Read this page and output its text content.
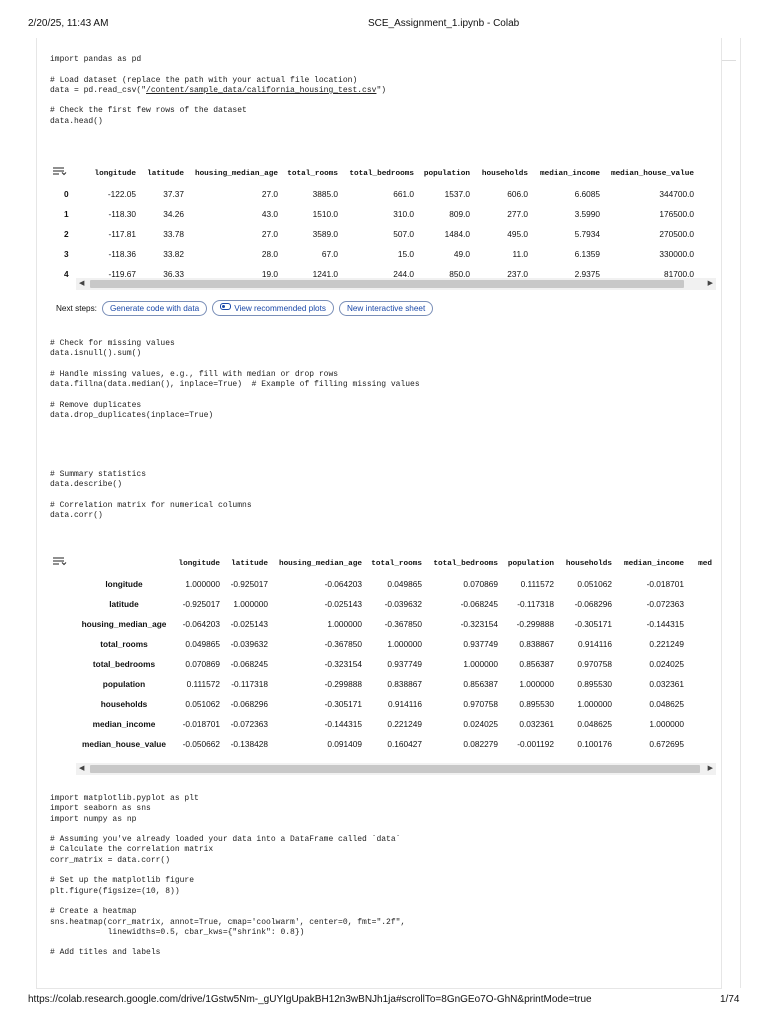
2/20/25, 11:43 AM	SCE_Assignment_1.ipynb - Colab
import pandas as pd

# Load dataset (replace the path with your actual file location)
data = pd.read_csv("/content/sample_data/california_housing_test.csv")

# Check the first few rows of the dataset
data.head()
	longitude	latitude	housing_median_age	total_rooms	total_bedrooms	population	households	median_income	median_house_value
0	-122.05	37.37	27.0	3885.0	661.0	1537.0	606.0	6.6085	344700.0
1	-118.30	34.26	43.0	1510.0	310.0	809.0	277.0	3.5990	176500.0
2	-117.81	33.78	27.0	3589.0	507.0	1484.0	495.0	5.7934	270500.0
3	-118.36	33.82	28.0	67.0	15.0	49.0	11.0	6.1359	330000.0
4	-119.67	36.33	19.0	1241.0	244.0	850.0	237.0	2.9375	81700.0
◀	▶
Next steps:	Generate code with data	View recommended plots	New interactive sheet
# Check for missing values
data.isnull().sum()

# Handle missing values, e.g., fill with median or drop rows
data.fillna(data.median(), inplace=True)  # Example of filling missing values

# Remove duplicates
data.drop_duplicates(inplace=True)
# Summary statistics
data.describe()

# Correlation matrix for numerical columns
data.corr()
	longitude	latitude	housing_median_age	total_rooms	total_bedrooms	population	households	median_income	med
longitude	1.000000	-0.925017	-0.064203	0.049865	0.070869	0.111572	0.051062	-0.018701	
latitude	-0.925017	1.000000	-0.025143	-0.039632	-0.068245	-0.117318	-0.068296	-0.072363	
housing_median_age	-0.064203	-0.025143	1.000000	-0.367850	-0.323154	-0.299888	-0.305171	-0.144315	
total_rooms	0.049865	-0.039632	-0.367850	1.000000	0.937749	0.838867	0.914116	0.221249	
total_bedrooms	0.070869	-0.068245	-0.323154	0.937749	1.000000	0.856387	0.970758	0.024025	
population	0.111572	-0.117318	-0.299888	0.838867	0.856387	1.000000	0.895530	0.032361	
households	0.051062	-0.068296	-0.305171	0.914116	0.970758	0.895530	1.000000	0.048625	
median_income	-0.018701	-0.072363	-0.144315	0.221249	0.024025	0.032361	0.048625	1.000000	
median_house_value	-0.050662	-0.138428	0.091409	0.160427	0.082279	-0.001192	0.100176	0.672695	
◀	▶
import matplotlib.pyplot as plt
import seaborn as sns
import numpy as np

# Assuming you've already loaded your data into a DataFrame called `data`
# Calculate the correlation matrix
corr_matrix = data.corr()

# Set up the matplotlib figure
plt.figure(figsize=(10, 8))

# Create a heatmap
sns.heatmap(corr_matrix, annot=True, cmap='coolwarm', center=0, fmt=".2f",
linewidths=0.5, cbar_kws={"shrink": 0.8})

# Add titles and labels
https://colab.research.google.com/drive/1Gstw5Nm-_gUYIgUpakBH12n3wBNJh1ja#scrollTo=8GnGEo7O-GhN&printMode=true	1/74
